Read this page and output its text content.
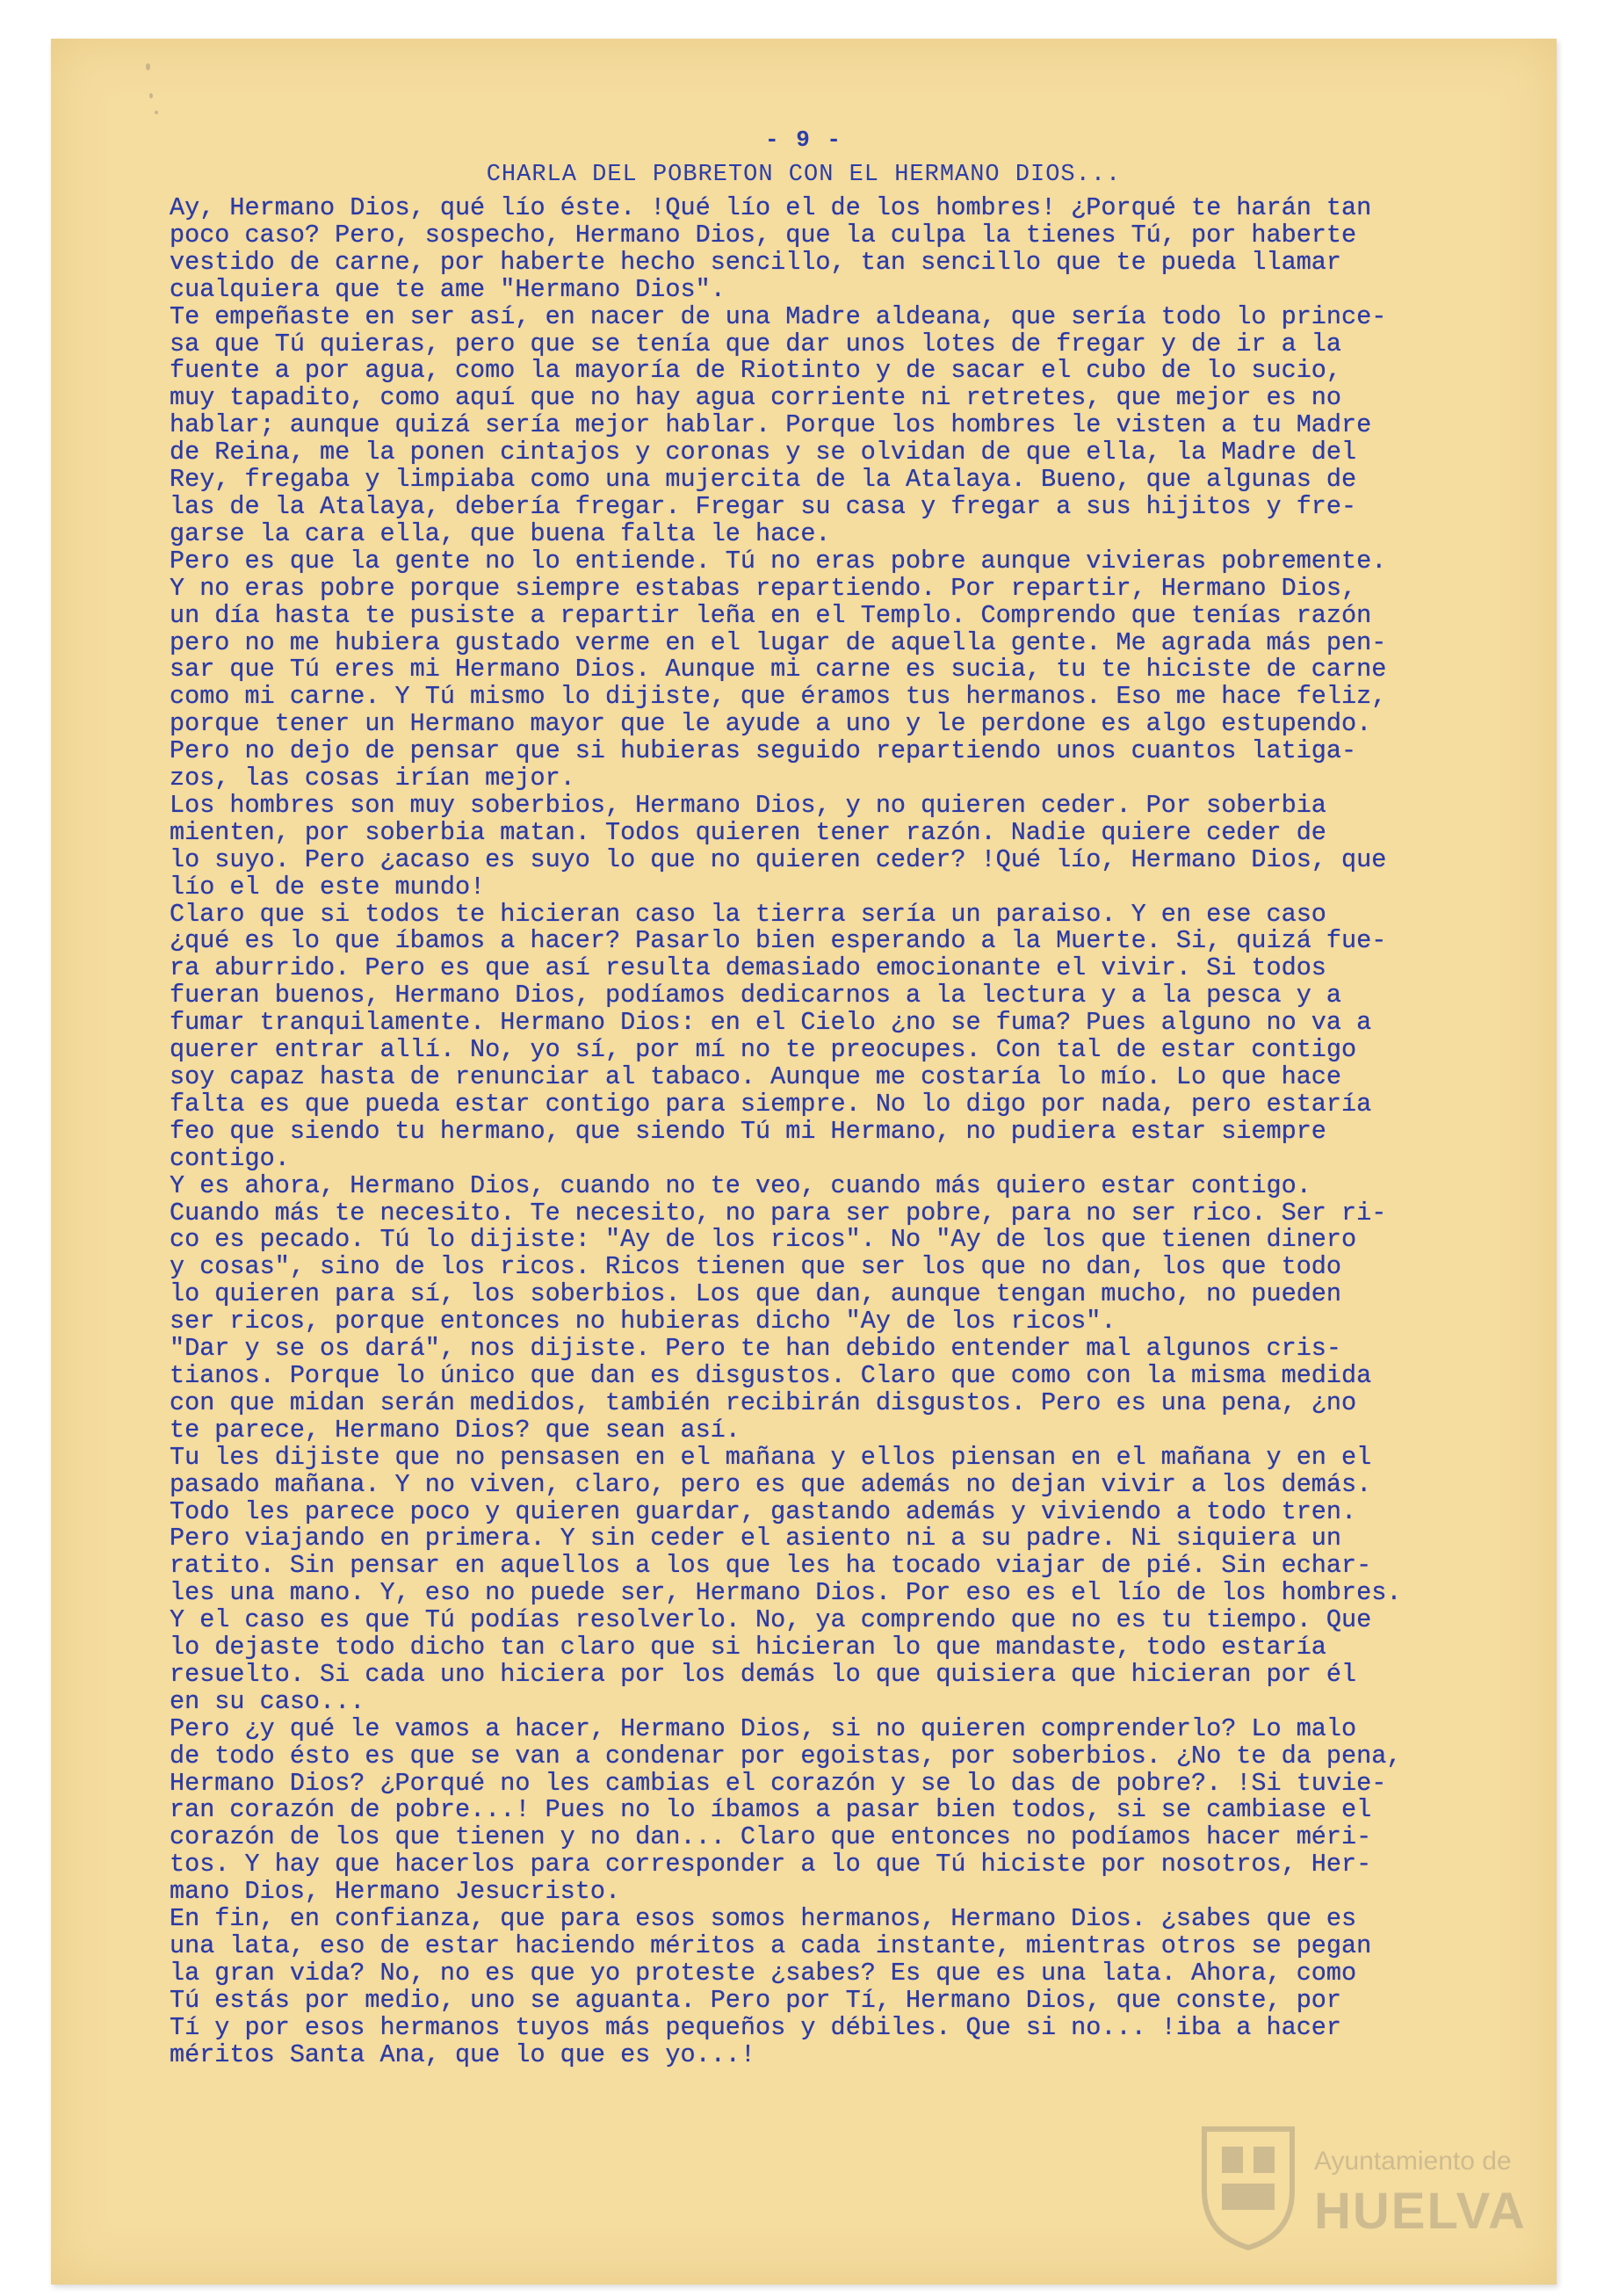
- 9 -
CHARLA DEL POBRETON CON EL HERMANO DIOS...

Ay, Hermano Dios, qué lío éste. !Qué lío el de los hombres! ¿Porqué te harán tan

poco caso? Pero, sospecho, Hermano Dios, que la culpa la tienes Tú, por haberte

vestido de carne, por haberte hecho sencillo, tan sencillo que te pueda llamar

cualquiera que te ame "Hermano Dios".

Te empeñaste en ser así, en nacer de una Madre aldeana, que sería todo lo prince-

sa que Tú quieras, pero que se tenía que dar unos lotes de fregar y de ir a la

fuente a por agua, como la mayoría de Riotinto y de sacar el cubo de lo sucio,

muy tapadito, como aquí que no hay agua corriente ni retretes, que mejor es no

hablar; aunque quizá sería mejor hablar. Porque los hombres le visten a tu Madre

de Reina, me la ponen cintajos y coronas y se olvidan de que ella, la Madre del

Rey, fregaba y limpiaba como una mujercita de la Atalaya. Bueno, que algunas de

las de la Atalaya, debería fregar. Fregar su casa y fregar a sus hijitos y fre-

garse la cara ella, que buena falta le hace.

Pero es que la gente no lo entiende. Tú no eras pobre aunque vivieras pobremente.

Y no eras pobre porque siempre estabas repartiendo. Por repartir, Hermano Dios,

un día hasta te pusiste a repartir leña en el Templo. Comprendo que tenías razón

pero no me hubiera gustado verme en el lugar de aquella gente. Me agrada más pen-

sar que Tú eres mi Hermano Dios. Aunque mi carne es sucia, tu te hiciste de carne

como mi carne. Y Tú mismo lo dijiste, que éramos tus hermanos. Eso me hace feliz,

porque tener un Hermano mayor que le ayude a uno y le perdone es algo estupendo.

Pero no dejo de pensar que si hubieras seguido repartiendo unos cuantos latiga-

zos, las cosas irían mejor.

Los hombres son muy soberbios, Hermano Dios, y no quieren ceder. Por soberbia

mienten, por soberbia matan. Todos quieren tener razón. Nadie quiere ceder de

lo suyo. Pero ¿acaso es suyo lo que no quieren ceder? !Qué lío, Hermano Dios, que

lío el de este mundo!

Claro que si todos te hicieran caso la tierra sería un paraiso. Y en ese caso

¿qué es lo que íbamos a hacer? Pasarlo bien esperando a la Muerte. Si, quizá fue-

ra aburrido. Pero es que así resulta demasiado emocionante el vivir. Si todos

fueran buenos, Hermano Dios, podíamos dedicarnos a la lectura y a la pesca y a

fumar tranquilamente. Hermano Dios: en el Cielo ¿no se fuma? Pues alguno no va a

querer entrar allí. No, yo sí, por mí no te preocupes. Con tal de estar contigo

soy capaz hasta de renunciar al tabaco. Aunque me costaría lo mío. Lo que hace

falta es que pueda estar contigo para siempre. No lo digo por nada, pero estaría

feo que siendo tu hermano, que siendo Tú mi Hermano, no pudiera estar siempre

contigo.

Y es ahora, Hermano Dios, cuando no te veo, cuando más quiero estar contigo.

Cuando más te necesito. Te necesito, no para ser pobre, para no ser rico. Ser ri-

co es pecado. Tú lo dijiste: "Ay de los ricos". No "Ay de los que tienen dinero

y cosas", sino de los ricos. Ricos tienen que ser los que no dan, los que todo

lo quieren para sí, los soberbios. Los que dan, aunque tengan mucho, no pueden

ser ricos, porque entonces no hubieras dicho "Ay de los ricos".

"Dar y se os dará", nos dijiste. Pero te han debido entender mal algunos cris-

tianos. Porque lo único que dan es disgustos. Claro que como con la misma medida

con que midan serán medidos, también recibirán disgustos. Pero es una pena, ¿no

te parece, Hermano Dios? que sean así.

Tu les dijiste que no pensasen en el mañana y ellos piensan en el mañana y en el

pasado mañana. Y no viven, claro, pero es que además no dejan vivir a los demás.

Todo les parece poco y quieren guardar, gastando además y viviendo a todo tren.

Pero viajando en primera. Y sin ceder el asiento ni a su padre. Ni siquiera un

ratito. Sin pensar en aquellos a los que les ha tocado viajar de pié. Sin echar-

les una mano. Y, eso no puede ser, Hermano Dios. Por eso es el lío de los hombres.

Y el caso es que Tú podías resolverlo. No, ya comprendo que no es tu tiempo. Que

lo dejaste todo dicho tan claro que si hicieran lo que mandaste, todo estaría

resuelto. Si cada uno hiciera por los demás lo que quisiera que hicieran por él

en su caso...

Pero ¿y qué le vamos a hacer, Hermano Dios, si no quieren comprenderlo? Lo malo

de todo ésto es que se van a condenar por egoistas, por soberbios. ¿No te da pena,

Hermano Dios? ¿Porqué no les cambias el corazón y se lo das de pobre?. !Si tuvie-

ran corazón de pobre...! Pues no lo íbamos a pasar bien todos, si se cambiase el

corazón de los que tienen y no dan... Claro que entonces no podíamos hacer méri-

tos. Y hay que hacerlos para corresponder a lo que Tú hiciste por nosotros, Her-

mano Dios, Hermano Jesucristo.

En fin, en confianza, que para esos somos hermanos, Hermano Dios. ¿sabes que es

una lata, eso de estar haciendo méritos a cada instante, mientras otros se pegan

la gran vida? No, no es que yo proteste ¿sabes? Es que es una lata. Ahora, como

Tú estás por medio, uno se aguanta. Pero por Tí, Hermano Dios, que conste, por

Tí y por esos hermanos tuyos más pequeños y débiles. Que si no... !iba a hacer

méritos Santa Ana, que lo que es yo...!

Ayuntamiento de
HUELVA
